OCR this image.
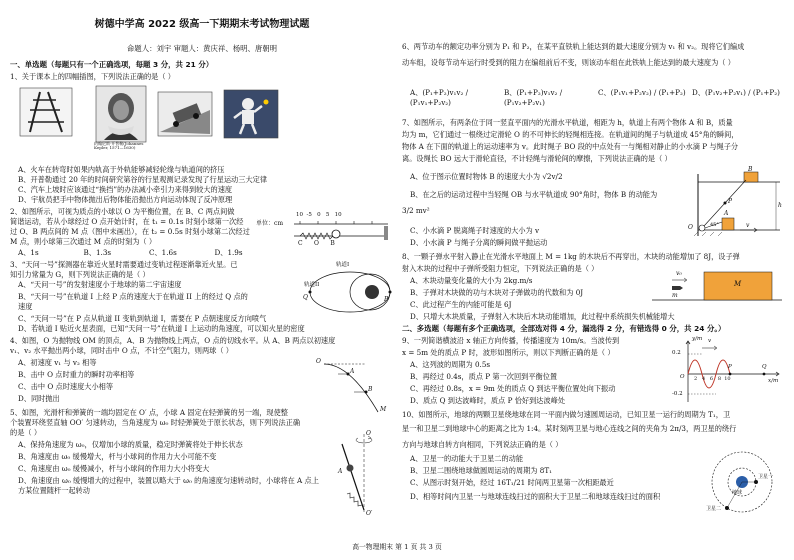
树德中学高 2022 级高一下期期末考试物理试题
命题人：刘宇 审题人：黄庆祥、杨明、唐朝明
一、单选题（每题只有一个正确选项，每题 3 分，共 21 分）
1、关于课本上的四幅插图，下列说法正确的是（ ）
约翰尼斯·开普勒(Johannes Kepler, 1571—1630)
A、火车在转弯时如果内轨高于外轨能够减轻轮缘与轨道间的挤压
B、开普勒通过 20 年的时间研究第谷的行星观测记录发现了行星运动三大定律
C、汽车上坡时应该通过“换挡”的办法减小牵引力来得到较大的速度
D、宇航员把手中物体抛出后物体能沿抛出方向运动体现了反冲原理
2、如图所示，可视为质点的小球以 O 为平衡位置，在 B、C 两点间做
简谐运动，若从小球经过 O 点开始计时，在 t₁ = 0.1s 时刻小球第一次经
过 O、B 两点间的 M 点（图中未画出），在 t₂ = 0.5s 时刻小球第二次经过
M 点，则小球第三次通过 M 点的时刻为（ ）
单位：cm
10  -5   0   5   10
C      O      B
A、1s	B、1.3s	C、1.6s	D、1.9s
3、“天问一号”探测器在靠近火星时需要通过变轨过程逐渐靠近火星。已
知引力常量为 G，则下列说法正确的是（ ）
A、“天问一号”的发射速度小于地球的第二宇宙速度
B、“天问一号”在轨道 I 上经 P 点的速度大于在轨道 II 上的经过 Q 点的
速度
C、“天问一号”在 P 点从轨道 II 变轨到轨道 I，需要在 P 点朝速度反方向喷气
D、若轨道 I 贴近火星表面，已知“天问一号”在轨道 I 上运动的角速度，可以知火星的密度
轨道II
轨道I
Q	P
4、如图，O 为抛物线 OM 的顶点，A、B 为抛物线上两点，O 点的切线水平。从 A、B 两点以初速度
v₁、v₂ 水平抛出两小球，同时击中 O 点，不计空气阻力，则两球（ ）
A、初速度 v₁ 与 v₂ 相等
B、击中 O 点时重力的瞬时功率相等
C、击中 O 点时速度大小相等
D、同时抛出
O
A
B
M
5、如图，光滑杆和弹簧的一端均固定在 O′ 点，小球 A 固定在轻弹簧的另一端，现使整
个装置环绕竖直轴 OO′ 匀速转动，当角速度为 ω₀ 时轻弹簧处于原长状态，则下列说法正确
的是（ ）
A、保持角速度为 ω₀，仅增加小球的质量，稳定时弹簧将处于伸长状态
B、角速度由 ω₀ 缓慢增大，杆与小球间的作用力大小可能不变
C、角速度由 ω₀ 缓慢减小，杆与小球间的作用力大小将变大
D、角速度由 ω₀ 缓慢增大的过程中，装置以略大于 ω₀ 的角速度匀速转动时，小球将在 A 点上
方某位置随杆一起转动
O
O′
A
6、两节动车的额定功率分别为 P₁ 和 P₂，在某平直铁轨上能达到的最大速度分别为 v₁ 和 v₂。现将它们编成
动车组，设每节动车运行时受到的阻力在编组前后不变，则该动车组在此铁轨上能达到的最大速度为（ ）
A、(P₁+P₂)v₁v₂ / (P₁v₁+P₂v₂)
B、(P₁+P₂)v₁v₂ / (P₁v₂+P₂v₁)
C、(P₁v₁+P₂v₂) / (P₁+P₂) D、(P₁v₂+P₂v₁) / (P₁+P₂)
7、如图所示，有两条位于同一竖直平面内的光滑水平轨道，相距为 h，轨道上有两个物体 A 和 B，质量
均为 m，它们通过一根绕过定滑轮 O 的不可伸长的轻绳相连接。在轨道间的绳子与轨道成 45°角的瞬间，
物体 A 在下面的轨道上的运动速率为 v。此时绳子 BO 段的中点处有一与绳相对静止的小水滴 P 与绳子分
离。设绳长 BO 远大于滑轮直径，不计轻绳与滑轮间的摩擦，下列说法正确的是（ ）
A、位于图示位置时物体 B 的速度大小为 √2v/2
B、在之后的运动过程中当轻绳 OB 与水平轨道成 90°角时，物体 B 的动能为
3/2 mv²
C、小水滴 P 脱离绳子时速度的大小为 v
D、小水滴 P 与绳子分离的瞬间做平抛运动
B
O
P
A
h
45°	v
8、一颗子弹水平射入静止在光滑水平地面上 M = 1kg 的木块后不再穿出，木块的动能增加了 8J，设子弹
射入木块的过程中子弹所受阻力恒定，下列说法正确的是（ ）
A、木块动量变化量的大小为 2kg.m/s
B、子弹对木块做的功与木块对子弹做功的代数和为 0J
C、此过程产生的内能可能是 6J
D、只增大木块质量，子弹射入木块后木块动能增加，此过程中系统损失机械能增大
v₀
m
M
二、多选题（每题有多个正确选项，全部选对得 4 分，漏选得 2 分，有错选得 0 分，共 24 分。）
9、一列简谐横波沿 x 轴正方向传播，传播速度为 10m/s。当波传到
x = 5m 处的质点 P 时，波形如图所示，则以下判断正确的是（ ）
A、这列波的周期为 0.5s
B、再经过 0.4s，质点 P 第一次回到平衡位置
C、再经过 0.8s，x = 9m 处的质点 Q 到达平衡位置处向下振动
D、质点 Q 到达波峰时，质点 P 恰好到达波峰处
y/m
x/m
0.2
-0.2
O 2   4   6   8  10
P	Q
v
10、如图所示，地球的两颗卫星绕地球在同一平面内做匀速圆周运动，已知卫星一运行的周期为 T₁，卫
星一和卫星二到地球中心的距离之比为 1:4。某时刻两卫星与地心连线之间的夹角为 2π/3，两卫星的绕行
方向与地球自转方向相同，下列说法正确的是（ ）
A、卫星一的动能大于卫星二的动能
B、卫星二围绕地球做圆周运动的周期为 8T₁
C、从图示时刻开始，经过 16T₁/21 时间两卫星第一次相距最近
D、相等时间内卫星一与地球连线扫过的面积大于卫星二和地球连线扫过的面积
卫星一
卫星二
地球
高一物理期末 第 1 页 共 3 页
